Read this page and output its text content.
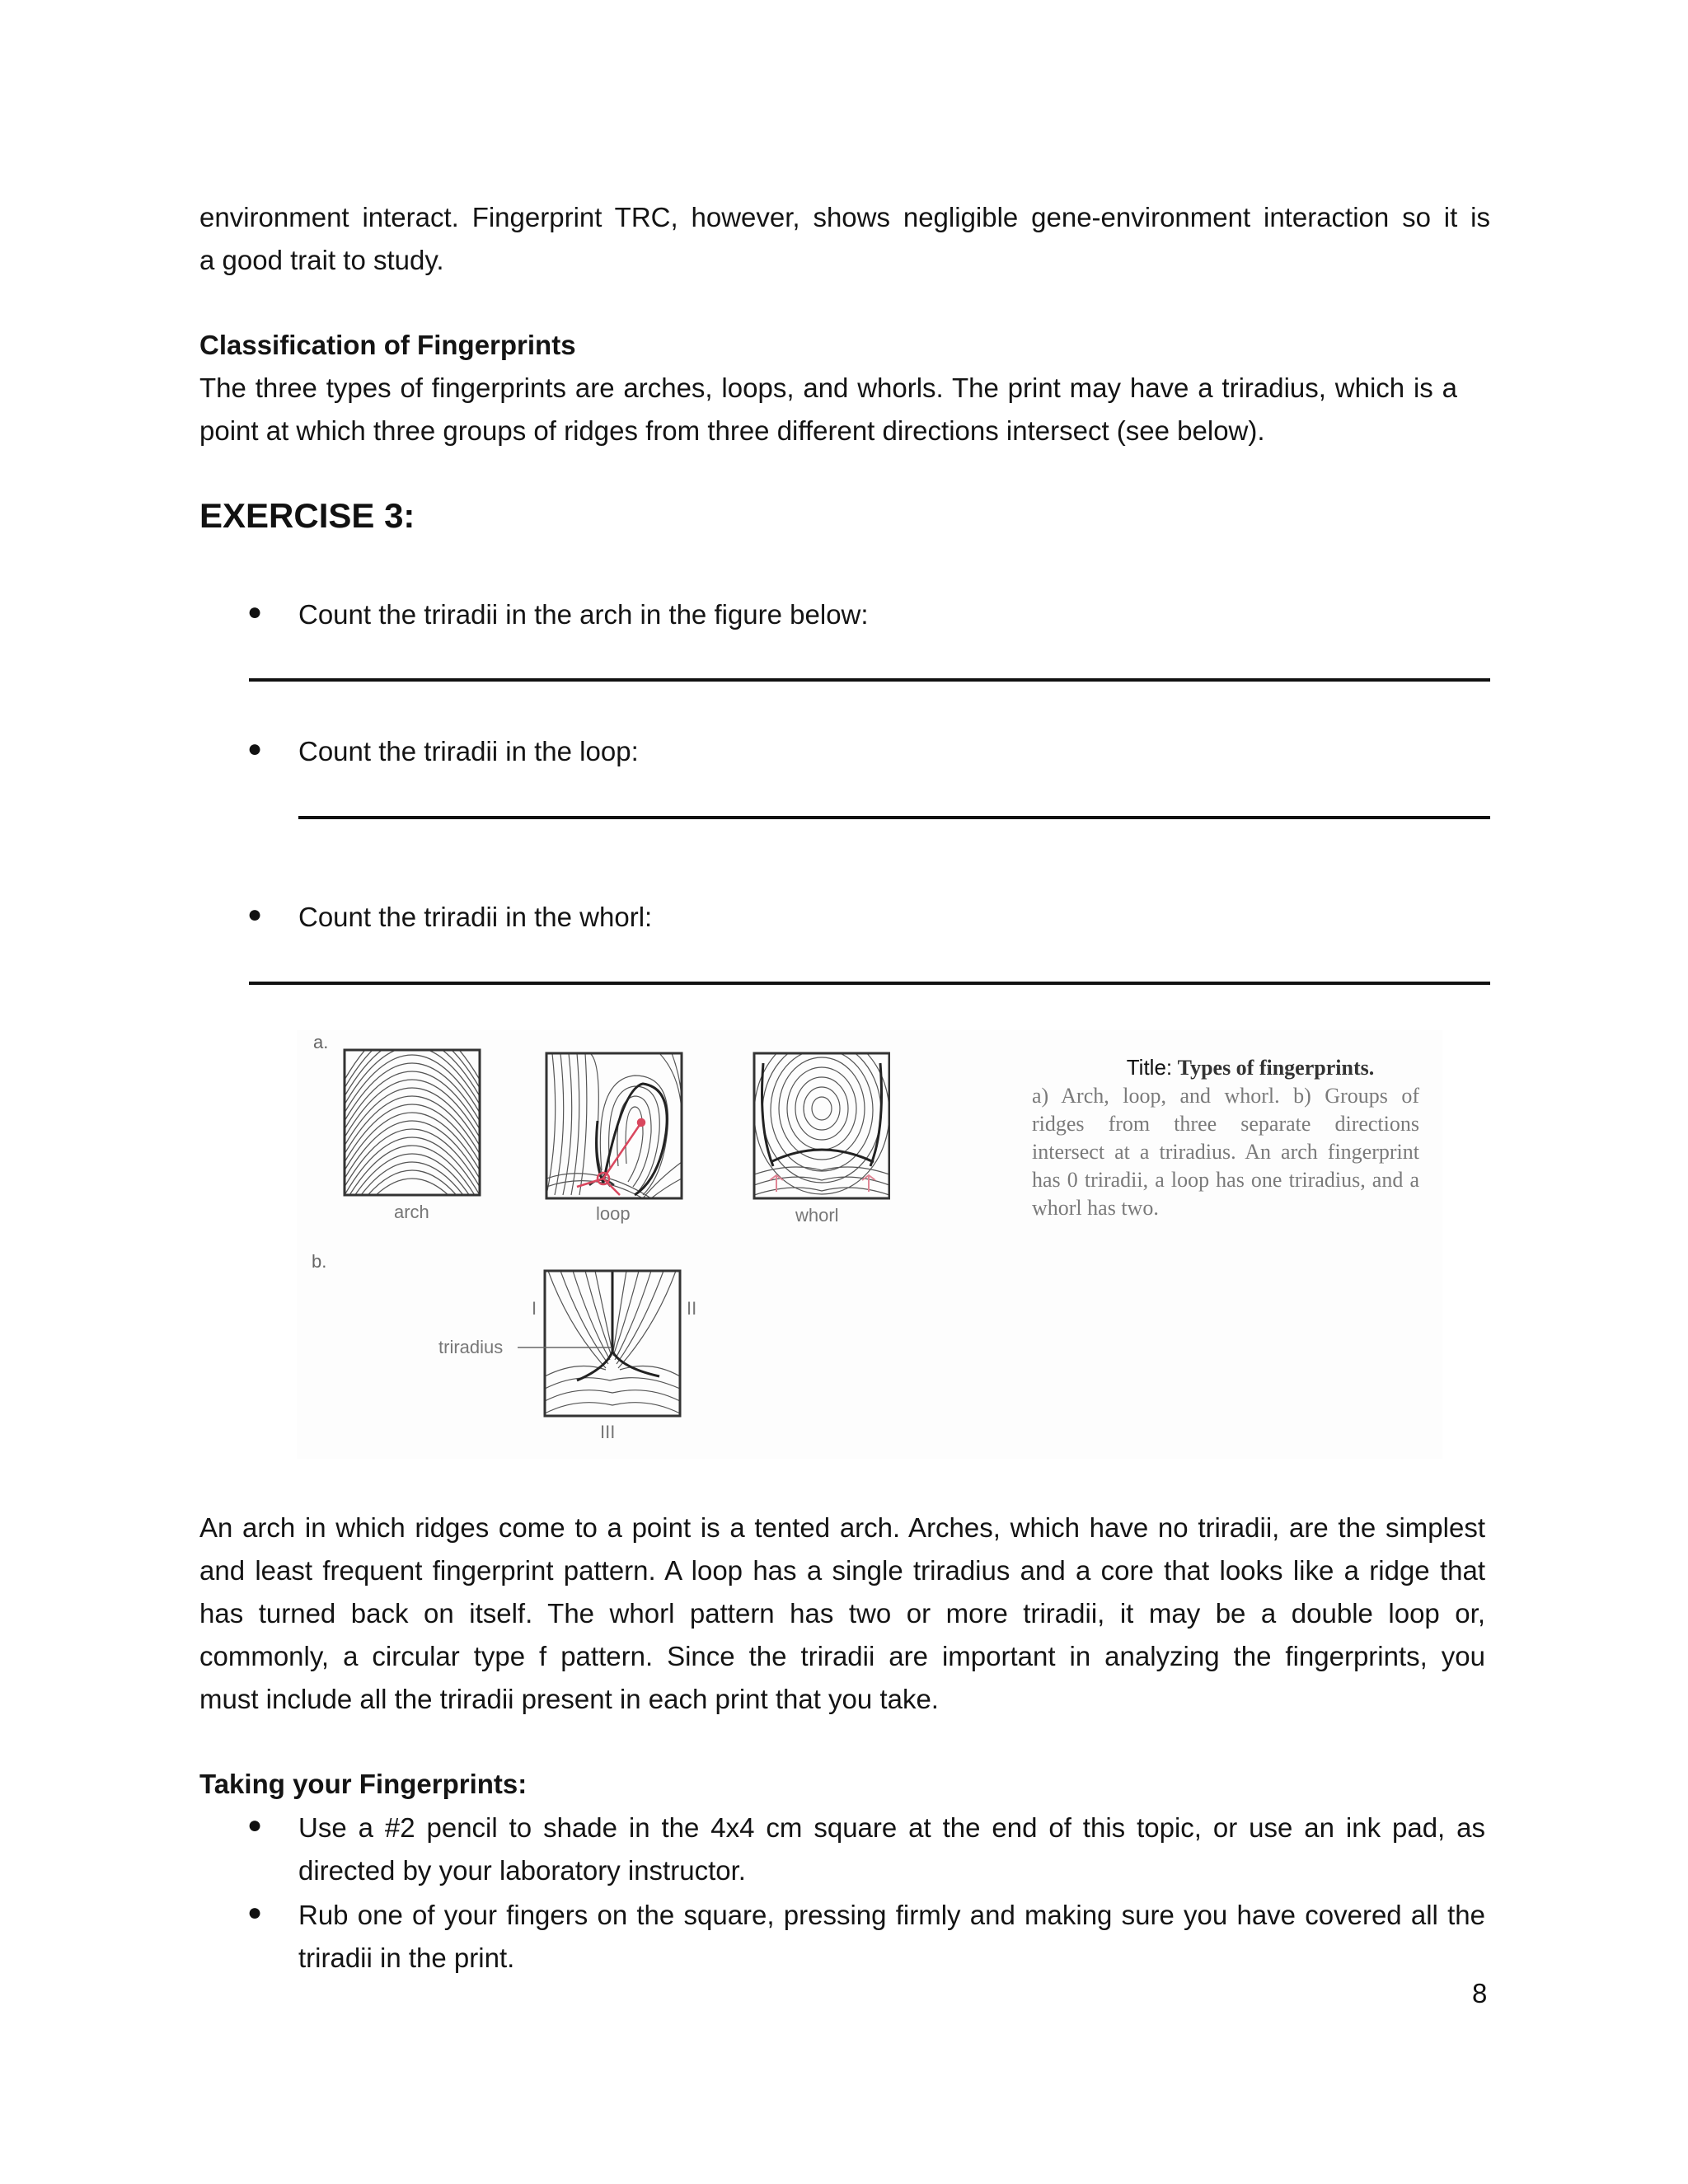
environment interact. Fingerprint TRC, however, shows negligible gene-environment interaction so it is
a good trait to study.
Classification of Fingerprints
The three types of fingerprints are arches, loops, and whorls. The print may have a triradius, which is a
point at which three groups of ridges from three different directions intersect (see below).
EXERCISE 3:
● Count the triradii in the arch in the figure below:
● Count the triradii in the loop:
● Count the triradii in the whorl:
a.
b.
arch	loop	whorl
triradius
I	II
III
Title: Types of fingerprints.
a) Arch, loop, and whorl. b) Groups of ridges from three separate directions intersect at a triradius. An arch fingerprint has 0 triradii, a loop has one triradius, and a whorl has two.
An arch in which ridges come to a point is a tented arch. Arches, which have no triradii, are the simplest
and least frequent fingerprint pattern. A loop has a single triradius and a core that looks like a ridge that
has turned back on itself. The whorl pattern has two or more triradii, it may be a double loop or,
commonly, a circular type f pattern. Since the triradii are important in analyzing the fingerprints, you
must include all the triradii present in each print that you take.
Taking your Fingerprints:
● Use a #2 pencil to shade in the 4x4 cm square at the end of this topic, or use an ink pad, as
directed by your laboratory instructor.
● Rub one of your fingers on the square, pressing firmly and making sure you have covered all the
triradii in the print.
8
